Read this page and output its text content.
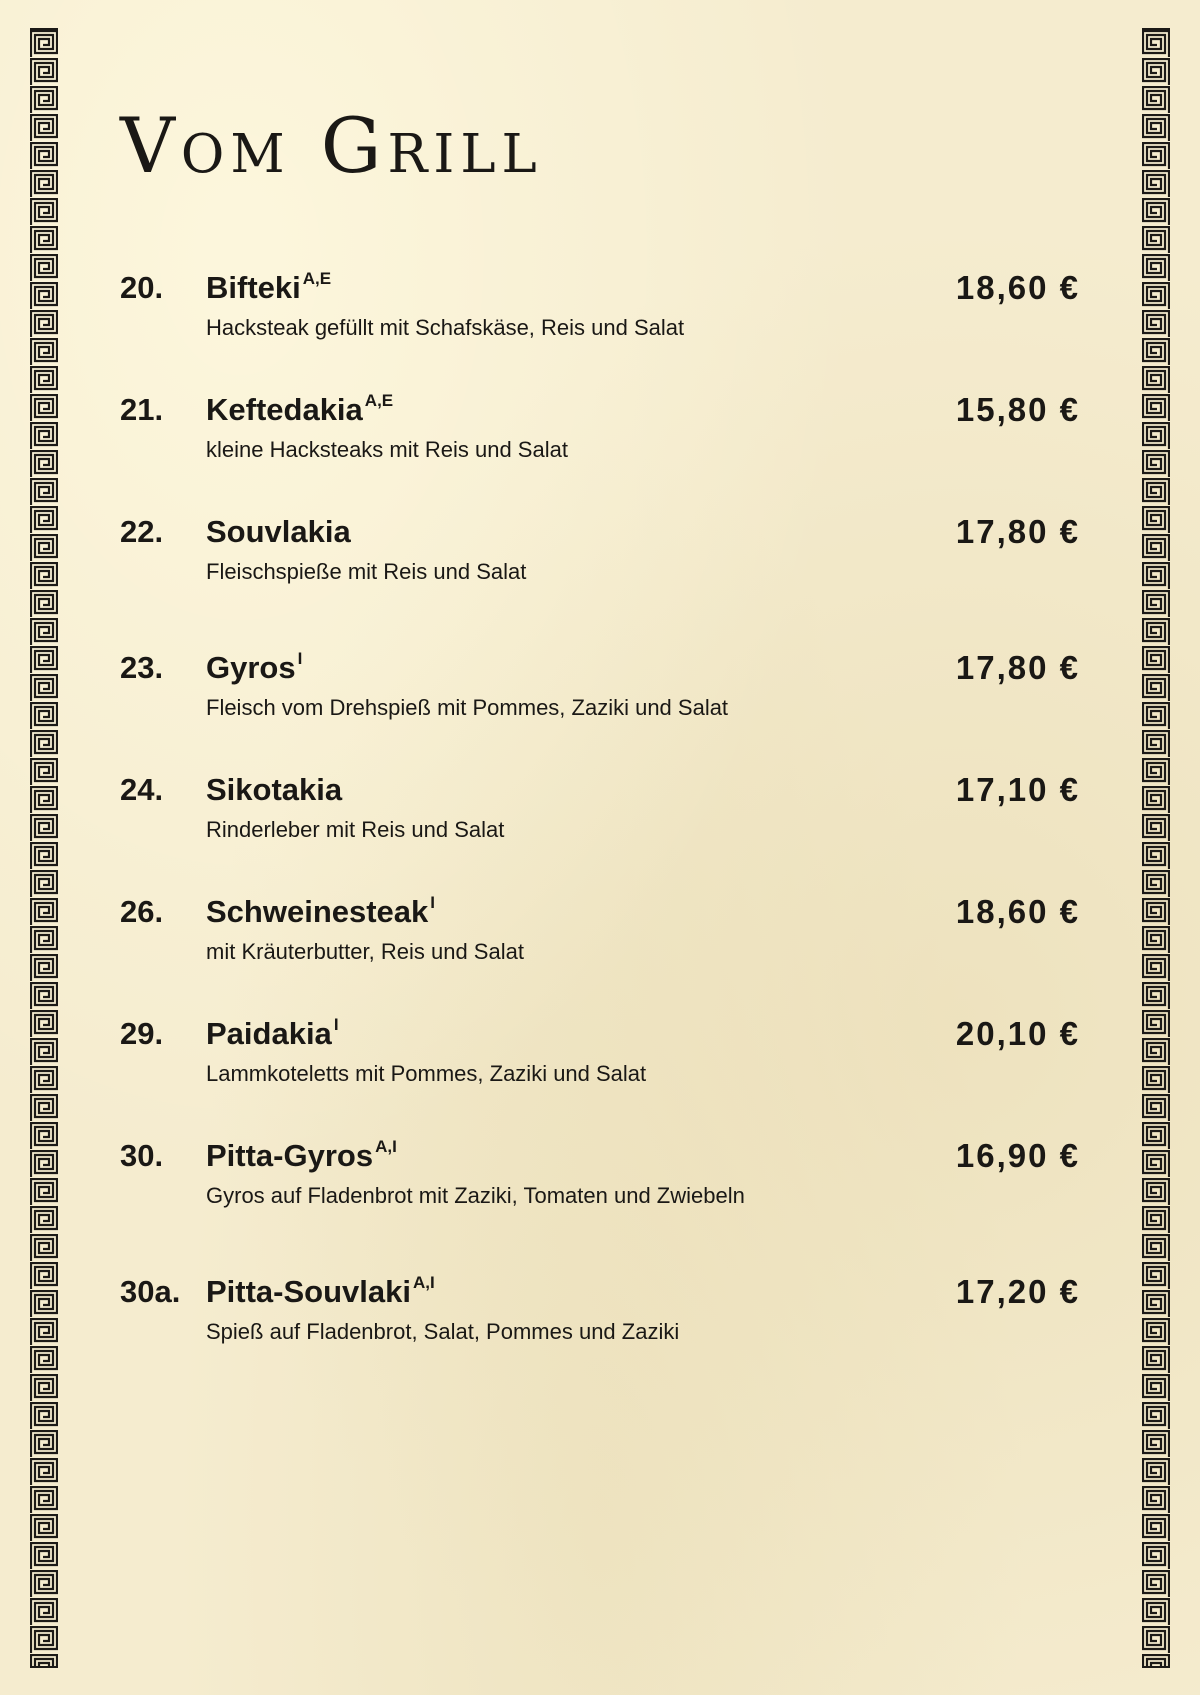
Vom Grill
20. Bifteki $^{A,E}$
Hacksteak gefüllt mit Schafskäse, Reis und Salat
18,60 €
21. Keftedakia $^{A,E}$
kleine Hacksteaks mit Reis und Salat
15,80 €
22. Souvlakia
Fleischspieße mit Reis und Salat
17,80 €
23. Gyros $^I$
Fleisch vom Drehspieß mit Pommes, Zaziki und Salat
17,80 €
24. Sikotakia
Rinderleber mit Reis und Salat
17,10 €
26. Schweinesteak $^I$
mit Kräuterbutter, Reis und Salat
18,60 €
29. Paidakia $^I$
Lammkoteletts mit Pommes, Zaziki und Salat
20,10 €
30. Pitta-Gyros $^{A,I}$
Gyros auf Fladenbrot mit Zaziki, Tomaten und Zwiebeln
16,90 €
30a. Pitta-Souvlaki $^{A,I}$
Spieß auf Fladenbrot, Salat, Pommes und Zaziki
17,20 €
